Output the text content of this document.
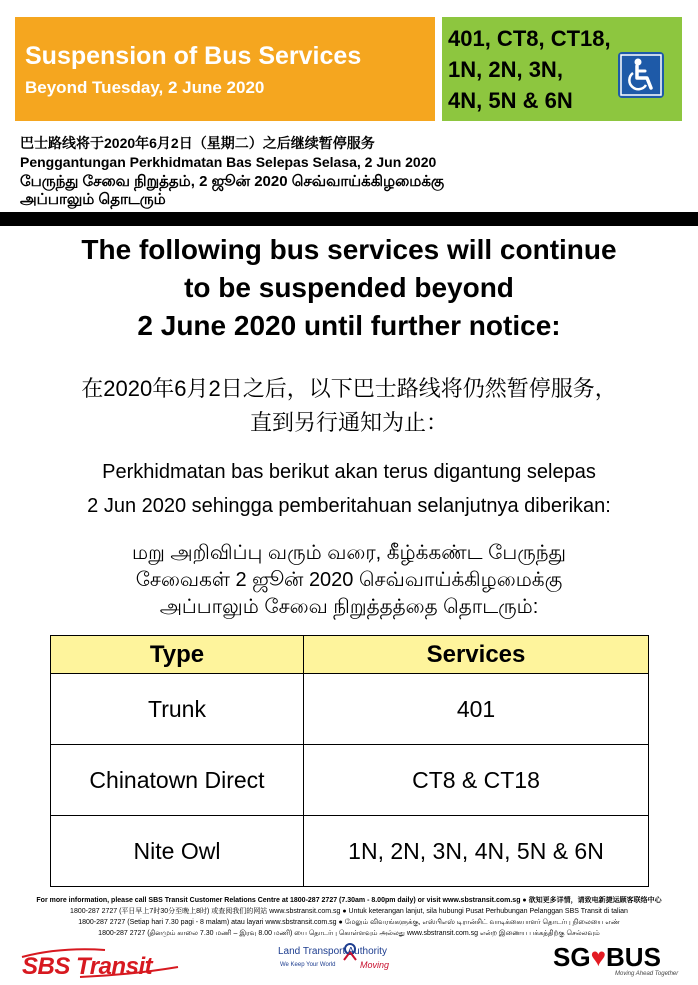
Suspension of Bus Services
Beyond Tuesday, 2 June 2020
401, CT8, CT18,
1N, 2N, 3N,
4N, 5N & 6N
巴士路线将于2020年6月2日（星期二）之后继续暂停服务
Penggantungan Perkhidmatan Bas Selepas Selasa, 2 Jun 2020
பேருந்து சேவை நிறுத்தம், 2 ஜூன் 2020 செவ்வாய்க்கிழமைக்கு
அப்பாலும் தொடரும்
The following bus services will continue
to be suspended beyond
2 June 2020 until further notice:
在2020年6月2日之后，以下巴士路线将仍然暂停服务，
直到另行通知为止：
Perkhidmatan bas berikut akan terus digantung selepas
2 Jun 2020 sehingga pemberitahuan selanjutnya diberikan:
மறு அறிவிப்பு வரும் வரை, கீழ்க்கண்ட பேருந்து
சேவைகள் 2 ஜூன் 2020 செவ்வாய்க்கிழமைக்கு
அப்பாலும் சேவை நிறுத்தத்தை தொடரும்:
Type	Services
Trunk	401
Chinatown Direct	CT8 & CT18
Nite Owl	1N, 2N, 3N, 4N, 5N & 6N
For more information, please call SBS Transit Customer Relations Centre at 1800-287 2727 (7.30am - 8.00pm daily) or visit www.sbstransit.com.sg ● 欲知更多详情，请致电新捷运顾客联络中心
1800-287 2727 (平日早上7时30分至晚上8时) 或查阅我们的网站 www.sbstransit.com.sg ● Untuk keterangan lanjut, sila hubungi Pusat Perhubungan Pelanggan SBS Transit di talian
1800-287 2727 (Setiap hari 7.30 pagi - 8 malam) atau layari www.sbstransit.com.sg ● மேலும் விவரங்களுக்கு, எஸ்பிஎஸ் டிரான்சிட் வாடிக்கையாளர் தொடர்பு நிலையை எண்
1800-287 2727 (தினமும் காலை 7.30 மணி – இரவு 8.00 மணி) யை தொடர்பு கொள்ளவும் அல்லது www.sbstransit.com.sg என்ற இணைய பக்கத்திற்கு செல்லவும்
SBS Transit
Land Transport Authority
We Keep Your World	Moving	SG♥BUS
Moving Ahead Together
